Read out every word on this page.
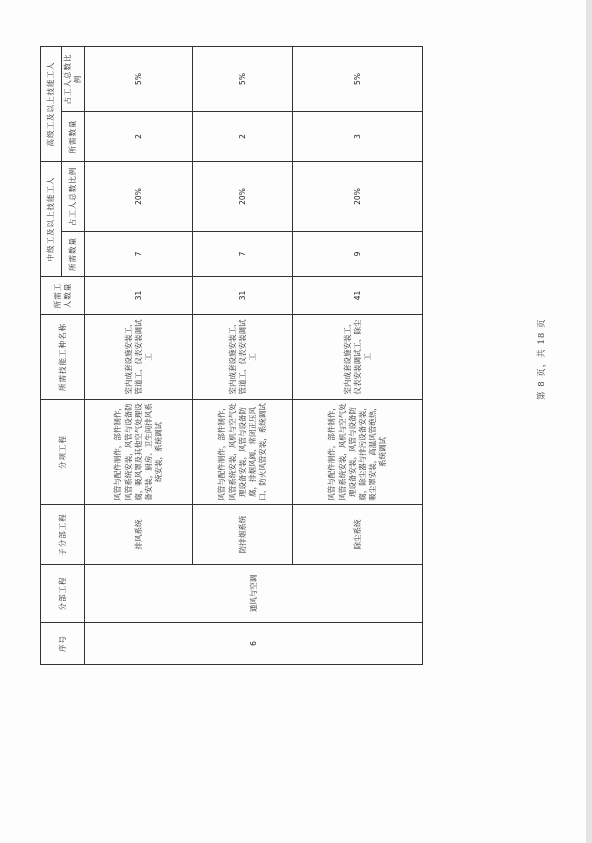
序号	分部工程	子分部工程	分项工程	所需技能工种名称	所需工人数量	中级工及以上技能工人		高级工及以上技能工人	
						所需数量	占工人总数比例	所需数量	占工人总数比例
6	通风与空调	排风系统	风管与配件制作，部件制作，风管系统安装，风管与设备防腐，吸风罩及其他空气处理设备安装，厨房、卫生间排风系统安装，系统调试	室内成套设施安装工、管道工、仪表安装调试工	31	7	20%	2	5%
		防排烟系统	风管与配件制作，部件制作，风管系统安装，风机与空气处理设备安装，风管与设备防腐，排烟风阀、常闭正压风口、防火风管安装，系统调试	室内成套设施安装工、管道工、仪表安装调试工	31	7	20%	2	5%
		除尘系统	风管与配件制作，部件制作，风管系统安装，风机与空气处理设备安装，风管与设备防腐，除尘器与排污设备安装，吸尘罩安装，高温风管绝热，系统调试	室内成套设施安装工、仪表安装调试工、除尘工	41	9	20%	3	5%
第 8 页，共 18 页
